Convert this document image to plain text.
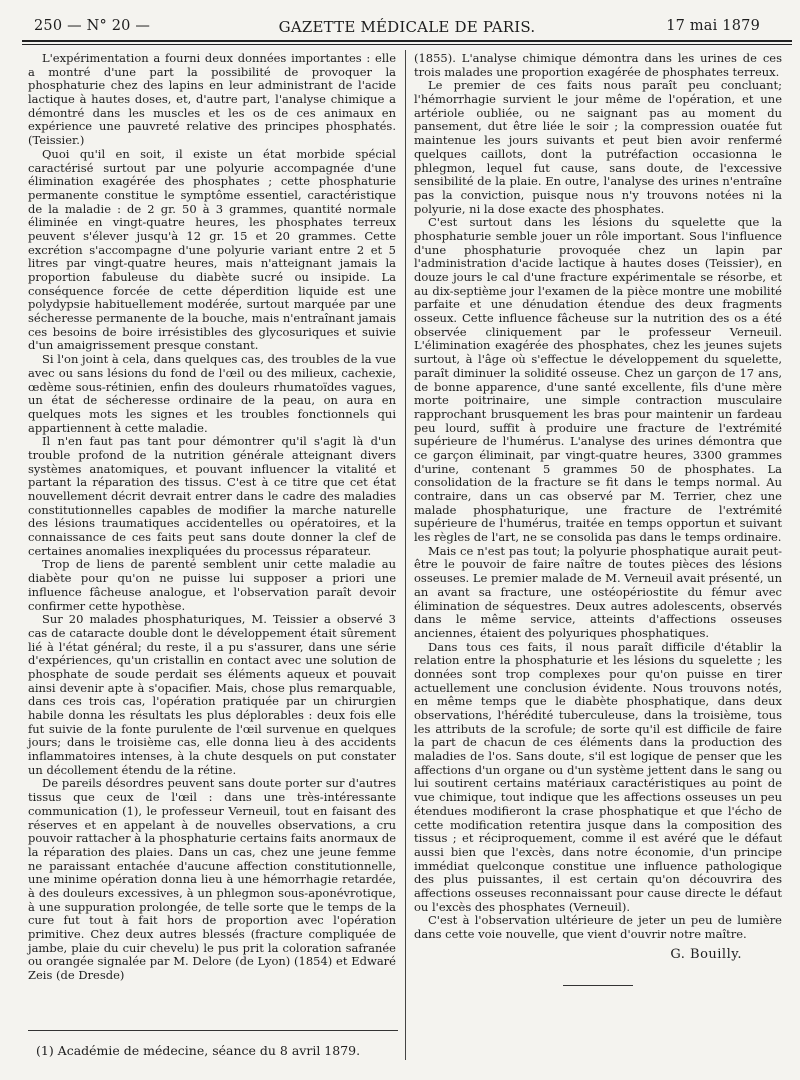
250 — N° 20 —	GAZETTE MÉDICALE DE PARIS.	17 mai 1879

L'expérimentation a fourni deux données importantes : elle a montré d'une part la possibilité de provoquer la phosphaturie chez des lapins en leur administrant de l'acide lactique à hautes doses, et, d'autre part, l'analyse chimique a démontré dans les muscles et les os de ces animaux en expérience une pauvreté relative des principes phosphatés. (Teissier.)

Quoi qu'il en soit, il existe un état morbide spécial caractérisé surtout par une polyurie accompagnée d'une élimination exagérée des phosphates ; cette phosphaturie permanente constitue le symptôme essentiel, caractéristique de la maladie : de 2 gr. 50 à 3 grammes, quantité normale éliminée en vingt-quatre heures, les phosphates terreux peuvent s'élever jusqu'à 12 gr. 15 et 20 grammes. Cette excrétion s'accompagne d'une polyurie variant entre 2 et 5 litres par vingt-quatre heures, mais n'atteignant jamais la proportion fabuleuse du diabète sucré ou insipide. La conséquence forcée de cette déperdition liquide est une polydypsie habituellement modérée, surtout marquée par une sécheresse permanente de la bouche, mais n'entraînant jamais ces besoins de boire irrésistibles des glycosuriques et suivie d'un amaigrissement presque constant.

Si l'on joint à cela, dans quelques cas, des troubles de la vue avec ou sans lésions du fond de l'œil ou des milieux, cachexie, œdème sous-rétinien, enfin des douleurs rhumatoïdes vagues, un état de sécheresse ordinaire de la peau, on aura en quelques mots les signes et les troubles fonctionnels qui appartiennent à cette maladie.

Il n'en faut pas tant pour démontrer qu'il s'agit là d'un trouble profond de la nutrition générale atteignant divers systèmes anatomiques, et pouvant influencer la vitalité et partant la réparation des tissus. C'est à ce titre que cet état nouvellement décrit devrait entrer dans le cadre des maladies constitutionnelles capables de modifier la marche naturelle des lésions traumatiques accidentelles ou opératoires, et la connaissance de ces faits peut sans doute donner la clef de certaines anomalies inexpliquées du processus réparateur.

Trop de liens de parenté semblent unir cette maladie au diabète pour qu'on ne puisse lui supposer a priori une influence fâcheuse analogue, et l'observation paraît devoir confirmer cette hypothèse.

Sur 20 malades phosphaturiques, M. Teissier a observé 3 cas de cataracte double dont le développement était sûrement lié à l'état général; du reste, il a pu s'assurer, dans une série d'expériences, qu'un cristallin en contact avec une solution de phosphate de soude perdait ses éléments aqueux et pouvait ainsi devenir apte à s'opacifier. Mais, chose plus remarquable, dans ces trois cas, l'opération pratiquée par un chirurgien habile donna les résultats les plus déplorables : deux fois elle fut suivie de la fonte purulente de l'œil survenue en quelques jours; dans le troisième cas, elle donna lieu à des accidents inflammatoires intenses, à la chute desquels on put constater un décollement étendu de la rétine.

De pareils désordres peuvent sans doute porter sur d'autres tissus que ceux de l'œil : dans une très-intéressante communication (1), le professeur Verneuil, tout en faisant des réserves et en appelant à de nouvelles observations, a cru pouvoir rattacher à la phosphaturie certains faits anormaux de la réparation des plaies. Dans un cas, chez une jeune femme ne paraissant entachée d'aucune affection constitutionnelle, une minime opération donna lieu à une hémorrhagie retardée, à des douleurs excessives, à un phlegmon sous-aponévrotique, à une suppuration prolongée, de telle sorte que le temps de la cure fut tout à fait hors de proportion avec l'opération primitive. Chez deux autres blessés (fracture compliquée de jambe, plaie du cuir chevelu) le pus prit la coloration safranée ou orangée signalée par M. Delore (de Lyon) (1854) et Edwaré Zeis (de Dresde)

(1855). L'analyse chimique démontra dans les urines de ces trois malades une proportion exagérée de phosphates terreux.

Le premier de ces faits nous paraît peu concluant; l'hémorrhagie survient le jour même de l'opération, et une artériole oubliée, ou ne saignant pas au moment du pansement, dut être liée le soir ; la compression ouatée fut maintenue les jours suivants et peut bien avoir renfermé quelques caillots, dont la putréfaction occasionna le phlegmon, lequel fut cause, sans doute, de l'excessive sensibilité de la plaie. En outre, l'analyse des urines n'entraîne pas la conviction, puisque nous n'y trouvons notées ni la polyurie, ni la dose exacte des phosphates.

C'est surtout dans les lésions du squelette que la phosphaturie semble jouer un rôle important. Sous l'influence d'une phosphaturie provoquée chez un lapin par l'administration d'acide lactique à hautes doses (Teissier), en douze jours le cal d'une fracture expérimentale se résorbe, et au dix-septième jour l'examen de la pièce montre une mobilité parfaite et une dénudation étendue des deux fragments osseux. Cette influence fâcheuse sur la nutrition des os a été observée cliniquement par le professeur Verneuil. L'élimination exagérée des phosphates, chez les jeunes sujets surtout, à l'âge où s'effectue le développement du squelette, paraît diminuer la solidité osseuse. Chez un garçon de 17 ans, de bonne apparence, d'une santé excellente, fils d'une mère morte poitrinaire, une simple contraction musculaire rapprochant brusquement les bras pour maintenir un fardeau peu lourd, suffit à produire une fracture de l'extrémité supérieure de l'humérus. L'analyse des urines démontra que ce garçon éliminait, par vingt-quatre heures, 3300 grammes d'urine, contenant 5 grammes 50 de phosphates. La consolidation de la fracture se fit dans le temps normal. Au contraire, dans un cas observé par M. Terrier, chez une malade phosphaturique, une fracture de l'extrémité supérieure de l'humérus, traitée en temps opportun et suivant les règles de l'art, ne se consolida pas dans le temps ordinaire.

Mais ce n'est pas tout; la polyurie phosphatique aurait peut-être le pouvoir de faire naître de toutes pièces des lésions osseuses. Le premier malade de M. Verneuil avait présenté, un an avant sa fracture, une ostéopériostite du fémur avec élimination de séquestres. Deux autres adolescents, observés dans le même service, atteints d'affections osseuses anciennes, étaient des polyuriques phosphatiques.

Dans tous ces faits, il nous paraît difficile d'établir la relation entre la phosphaturie et les lésions du squelette ; les données sont trop complexes pour qu'on puisse en tirer actuellement une conclusion évidente. Nous trouvons notés, en même temps que le diabète phosphatique, dans deux observations, l'hérédité tuberculeuse, dans la troisième, tous les attributs de la scrofule; de sorte qu'il est difficile de faire la part de chacun de ces éléments dans la production des maladies de l'os. Sans doute, s'il est logique de penser que les affections d'un organe ou d'un système jettent dans le sang ou lui soutirent certains matériaux caractéristiques au point de vue chimique, tout indique que les affections osseuses un peu étendues modifieront la crase phosphatique et que l'écho de cette modification retentira jusque dans la composition des tissus ; et réciproquement, comme il est avéré que le défaut aussi bien que l'excès, dans notre économie, d'un principe immédiat quelconque constitue une influence pathologique des plus puissantes, il est certain qu'on découvrira des affections osseuses reconnaissant pour cause directe le défaut ou l'excès des phosphates (Verneuil).

C'est à l'observation ultérieure de jeter un peu de lumière dans cette voie nouvelle, que vient d'ouvrir notre maître.

G. Bouilly.
(1) Académie de médecine, séance du 8 avril 1879.
